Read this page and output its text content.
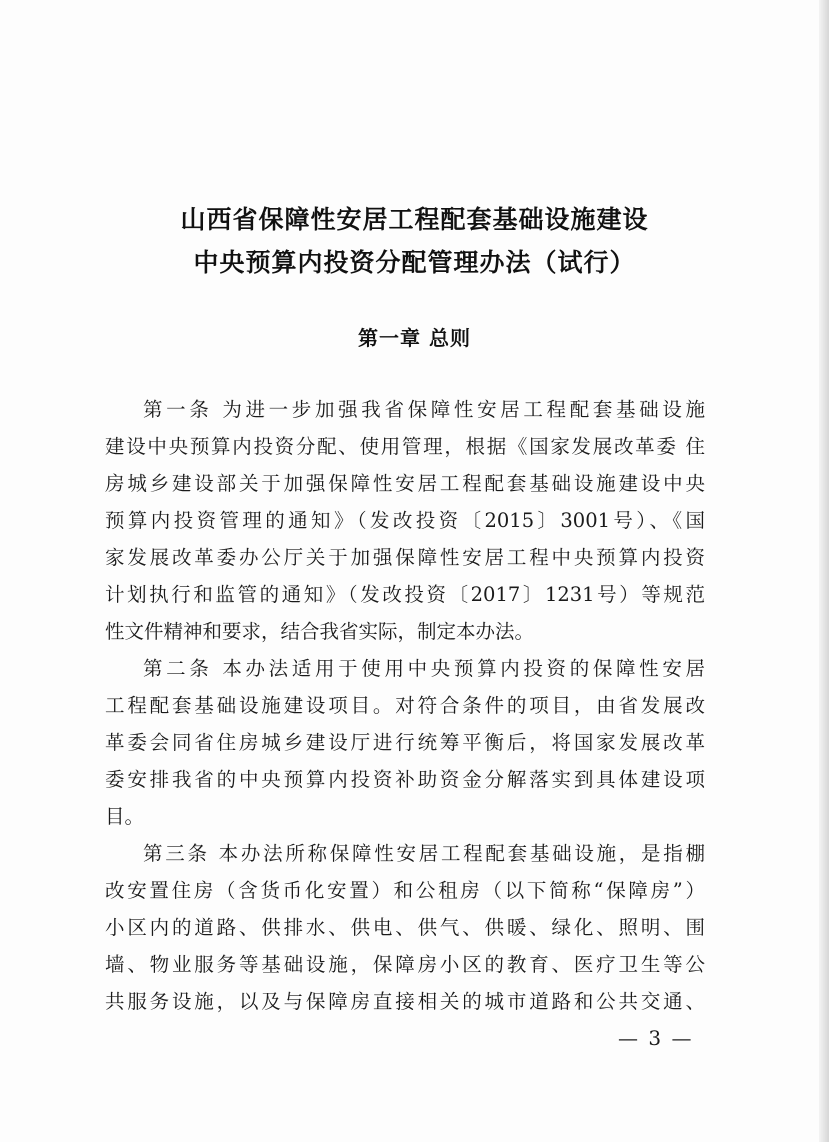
山西省保障性安居工程配套基础设施建设
中央预算内投资分配管理办法（试行）
第一章 总则
第一条 为进一步加强我省保障性安居工程配套基础设施
建设中央预算内投资分配、使用管理，根据《国家发展改革委 住
房城乡建设部关于加强保障性安居工程配套基础设施建设中央
预算内投资管理的通知》（发改投资〔2015〕3001号）、《国
家发展改革委办公厅关于加强保障性安居工程中央预算内投资
计划执行和监管的通知》（发改投资〔2017〕1231号）等规范
性文件精神和要求，结合我省实际，制定本办法。
第二条 本办法适用于使用中央预算内投资的保障性安居
工程配套基础设施建设项目。对符合条件的项目，由省发展改
革委会同省住房城乡建设厅进行统筹平衡后，将国家发展改革
委安排我省的中央预算内投资补助资金分解落实到具体建设项
目。
第三条 本办法所称保障性安居工程配套基础设施，是指棚
改安置住房（含货币化安置）和公租房（以下简称“保障房”）
小区内的道路、供排水、供电、供气、供暖、绿化、照明、围
墙、物业服务等基础设施，保障房小区的教育、医疗卫生等公
共服务设施，以及与保障房直接相关的城市道路和公共交通、
— 3 —
